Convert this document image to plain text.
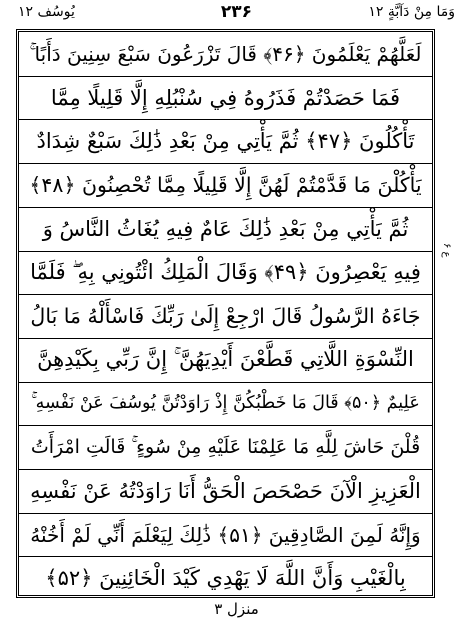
يُوسُف ۱۲	۲۳۶	وَمَا مِنْ دَآبَّةٍ ۱۲
لَعَلَّهُمْ يَعْلَمُونَ ﴿۴۶﴾ قَالَ تَزْرَعُونَ سَبْعَ سِنِينَ دَأَبًا ۚ
فَمَا حَصَدْتُمْ فَذَرُوهُ فِي سُنْبُلِهِ إِلَّا قَلِيلًا مِمَّا
تَأْكُلُونَ ﴿۴۷﴾ ثُمَّ يَأْتِي مِنْ بَعْدِ ذَٰلِكَ سَبْعٌ شِدَادٌ
يَأْكُلْنَ مَا قَدَّمْتُمْ لَهُنَّ إِلَّا قَلِيلًا مِمَّا تُحْصِنُونَ ﴿۴۸﴾
ثُمَّ يَأْتِي مِنْ بَعْدِ ذَٰلِكَ عَامٌ فِيهِ يُغَاثُ النَّاسُ وَ
فِيهِ يَعْصِرُونَ ﴿۴۹﴾ وَقَالَ الْمَلِكُ ائْتُونِي بِهِ ۖ فَلَمَّا
جَاءَهُ الرَّسُولُ قَالَ ارْجِعْ إِلَىٰ رَبِّكَ فَاسْأَلْهُ مَا بَالُ
النِّسْوَةِ اللَّاتِي قَطَّعْنَ أَيْدِيَهُنَّ ۚ إِنَّ رَبِّي بِكَيْدِهِنَّ
عَلِيمٌ ﴿۵۰﴾ قَالَ مَا خَطْبُكُنَّ إِذْ رَاوَدْتُنَّ يُوسُفَ عَنْ نَفْسِهِ ۚ
قُلْنَ حَاشَ لِلَّهِ مَا عَلِمْنَا عَلَيْهِ مِنْ سُوءٍ ۚ قَالَتِ امْرَأَتُ
الْعَزِيزِ الْآنَ حَصْحَصَ الْحَقُّ أَنَا رَاوَدْتُهُ عَنْ نَفْسِهِ
وَإِنَّهُ لَمِنَ الصَّادِقِينَ ﴿۵۱﴾ ذَٰلِكَ لِيَعْلَمَ أَنِّي لَمْ أَخُنْهُ
بِالْغَيْبِ وَأَنَّ اللَّهَ لَا يَهْدِي كَيْدَ الْخَائِنِينَ ﴿۵۲﴾
ع ۶
منزل ۳
